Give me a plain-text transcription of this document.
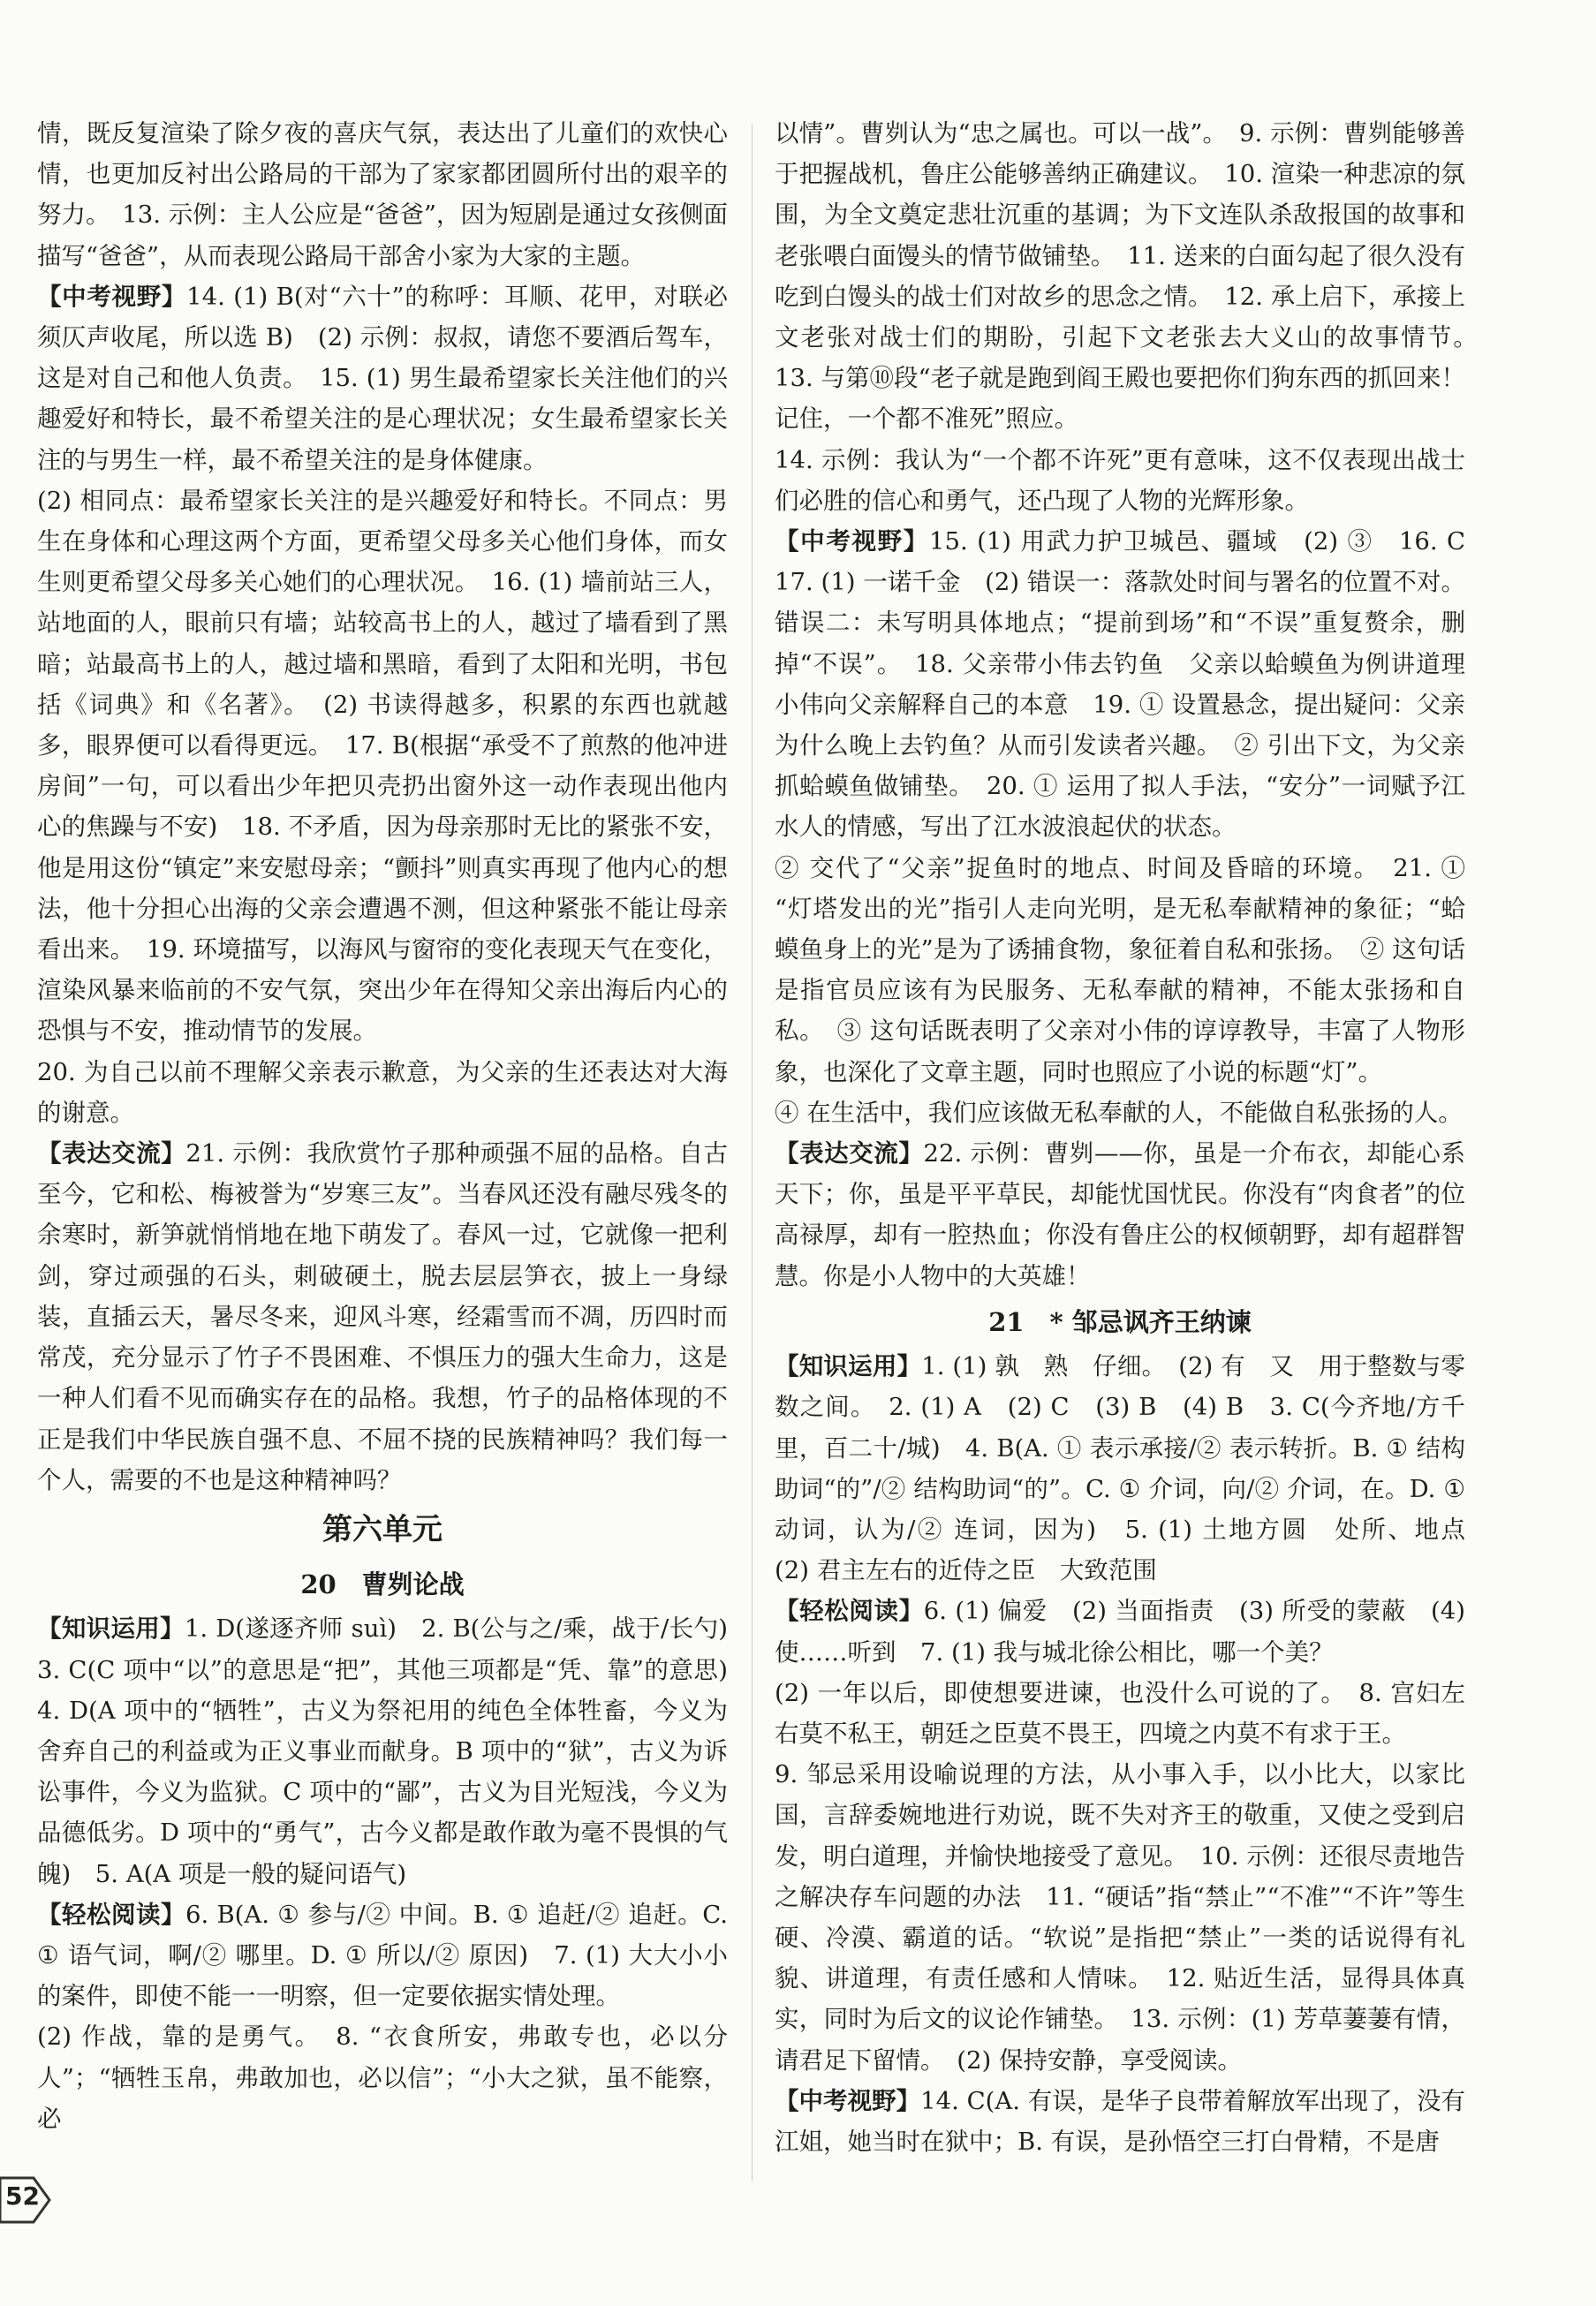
情，既反复渲染了除夕夜的喜庆气氛，表达出了儿童们的欢快心情，也更加反衬出公路局的干部为了家家都团圆所付出的艰辛的努力。　13. 示例：主人公应是“爸爸”，因为短剧是通过女孩侧面描写“爸爸”，从而表现公路局干部舍小家为大家的主题。

【中考视野】14. (1) B(对“六十”的称呼：耳顺、花甲，对联必须仄声收尾，所以选 B)　(2) 示例：叔叔，请您不要酒后驾车，这是对自己和他人负责。　15. (1) 男生最希望家长关注他们的兴趣爱好和特长，最不希望关注的是心理状况；女生最希望家长关注的与男生一样，最不希望关注的是身体健康。

(2) 相同点：最希望家长关注的是兴趣爱好和特长。不同点：男生在身体和心理这两个方面，更希望父母多关心他们身体，而女生则更希望父母多关心她们的心理状况。　16. (1) 墙前站三人，站地面的人，眼前只有墙；站较高书上的人，越过了墙看到了黑暗；站最高书上的人，越过墙和黑暗，看到了太阳和光明，书包括《词典》和《名著》。　(2) 书读得越多，积累的东西也就越多，眼界便可以看得更远。　17. B(根据“承受不了煎熬的他冲进房间”一句，可以看出少年把贝壳扔出窗外这一动作表现出他内心的焦躁与不安)　18. 不矛盾，因为母亲那时无比的紧张不安，他是用这份“镇定”来安慰母亲；“颤抖”则真实再现了他内心的想法，他十分担心出海的父亲会遭遇不测，但这种紧张不能让母亲看出来。　19. 环境描写，以海风与窗帘的变化表现天气在变化，渲染风暴来临前的不安气氛，突出少年在得知父亲出海后内心的恐惧与不安，推动情节的发展。

20. 为自己以前不理解父亲表示歉意，为父亲的生还表达对大海的谢意。

【表达交流】21. 示例：我欣赏竹子那种顽强不屈的品格。自古至今，它和松、梅被誉为“岁寒三友”。当春风还没有融尽残冬的余寒时，新笋就悄悄地在地下萌发了。春风一过，它就像一把利剑，穿过顽强的石头，刺破硬土，脱去层层笋衣，披上一身绿装，直插云天，暑尽冬来，迎风斗寒，经霜雪而不凋，历四时而常茂，充分显示了竹子不畏困难、不惧压力的强大生命力，这是一种人们看不见而确实存在的品格。我想，竹子的品格体现的不正是我们中华民族自强不息、不屈不挠的民族精神吗？我们每一个人，需要的不也是这种精神吗？

第六单元
20　曹刿论战

【知识运用】1. D(遂逐齐师 suì)　2. B(公与之/乘，战于/长勺)　3. C(C 项中“以”的意思是“把”，其他三项都是“凭、靠”的意思)　4. D(A 项中的“牺牲”，古义为祭祀用的纯色全体牲畜，今义为舍弃自己的利益或为正义事业而献身。B 项中的“狱”，古义为诉讼事件，今义为监狱。C 项中的“鄙”，古义为目光短浅，今义为品德低劣。D 项中的“勇气”，古今义都是敢作敢为毫不畏惧的气魄)　5. A(A 项是一般的疑问语气)

【轻松阅读】6. B(A. ① 参与/② 中间。B. ① 追赶/② 追赶。C. ① 语气词，啊/② 哪里。D. ① 所以/② 原因)　7. (1) 大大小小的案件，即使不能一一明察，但一定要依据实情处理。

(2) 作战，靠的是勇气。　8. “衣食所安，弗敢专也，必以分人”；“牺牲玉帛，弗敢加也，必以信”；“小大之狱，虽不能察，必

以情”。曹刿认为“忠之属也。可以一战”。　9. 示例：曹刿能够善于把握战机，鲁庄公能够善纳正确建议。　10. 渲染一种悲凉的氛围，为全文奠定悲壮沉重的基调；为下文连队杀敌报国的故事和老张喂白面馒头的情节做铺垫。　11. 送来的白面勾起了很久没有吃到白馒头的战士们对故乡的思念之情。　12. 承上启下，承接上文老张对战士们的期盼，引起下文老张去大义山的故事情节。　13. 与第⑩段“老子就是跑到阎王殿也要把你们狗东西的抓回来！记住，一个都不准死”照应。

14. 示例：我认为“一个都不许死”更有意味，这不仅表现出战士们必胜的信心和勇气，还凸现了人物的光辉形象。

【中考视野】15. (1) 用武力护卫城邑、疆域　(2) ③　16. C　17. (1) 一诺千金　(2) 错误一：落款处时间与署名的位置不对。错误二：未写明具体地点；“提前到场”和“不误”重复赘余，删掉“不误”。　18. 父亲带小伟去钓鱼　父亲以蛤蟆鱼为例讲道理　小伟向父亲解释自己的本意　19. ① 设置悬念，提出疑问：父亲为什么晚上去钓鱼？从而引发读者兴趣。　② 引出下文，为父亲抓蛤蟆鱼做铺垫。　20. ① 运用了拟人手法，“安分”一词赋予江水人的情感，写出了江水波浪起伏的状态。

② 交代了“父亲”捉鱼时的地点、时间及昏暗的环境。　21. ① “灯塔发出的光”指引人走向光明，是无私奉献精神的象征；“蛤蟆鱼身上的光”是为了诱捕食物，象征着自私和张扬。　② 这句话是指官员应该有为民服务、无私奉献的精神，不能太张扬和自私。　③ 这句话既表明了父亲对小伟的谆谆教导，丰富了人物形象，也深化了文章主题，同时也照应了小说的标题“灯”。

④ 在生活中，我们应该做无私奉献的人，不能做自私张扬的人。

【表达交流】22. 示例：曹刿——你，虽是一介布衣，却能心系天下；你，虽是平平草民，却能忧国忧民。你没有“肉食者”的位高禄厚，却有一腔热血；你没有鲁庄公的权倾朝野，却有超群智慧。你是小人物中的大英雄！

21　* 邹忌讽齐王纳谏

【知识运用】1. (1) 孰　熟　仔细。　(2) 有　又　用于整数与零数之间。　2. (1) A　(2) C　(3) B　(4) B　3. C(今齐地/方千里，百二十/城)　4. B(A. ① 表示承接/② 表示转折。B. ① 结构助词“的”/② 结构助词“的”。C. ① 介词，向/② 介词，在。D. ① 动词，认为/② 连词，因为)　5. (1) 土地方圆　处所、地点　(2) 君主左右的近侍之臣　大致范围

【轻松阅读】6. (1) 偏爱　(2) 当面指责　(3) 所受的蒙蔽　(4) 使……听到　7. (1) 我与城北徐公相比，哪一个美？

(2) 一年以后，即使想要进谏，也没什么可说的了。　8. 宫妇左右莫不私王，朝廷之臣莫不畏王，四境之内莫不有求于王。

9. 邹忌采用设喻说理的方法，从小事入手，以小比大，以家比国，言辞委婉地进行劝说，既不失对齐王的敬重，又使之受到启发，明白道理，并愉快地接受了意见。　10. 示例：还很尽责地告之解决存车问题的办法　11. “硬话”指“禁止”“不准”“不许”等生硬、冷漠、霸道的话。“软说”是指把“禁止”一类的话说得有礼貌、讲道理，有责任感和人情味。　12. 贴近生活，显得具体真实，同时为后文的议论作铺垫。　13. 示例：(1) 芳草萋萋有情，请君足下留情。　(2) 保持安静，享受阅读。

【中考视野】14. C(A. 有误，是华子良带着解放军出现了，没有江姐，她当时在狱中；B. 有误，是孙悟空三打白骨精，不是唐

52
